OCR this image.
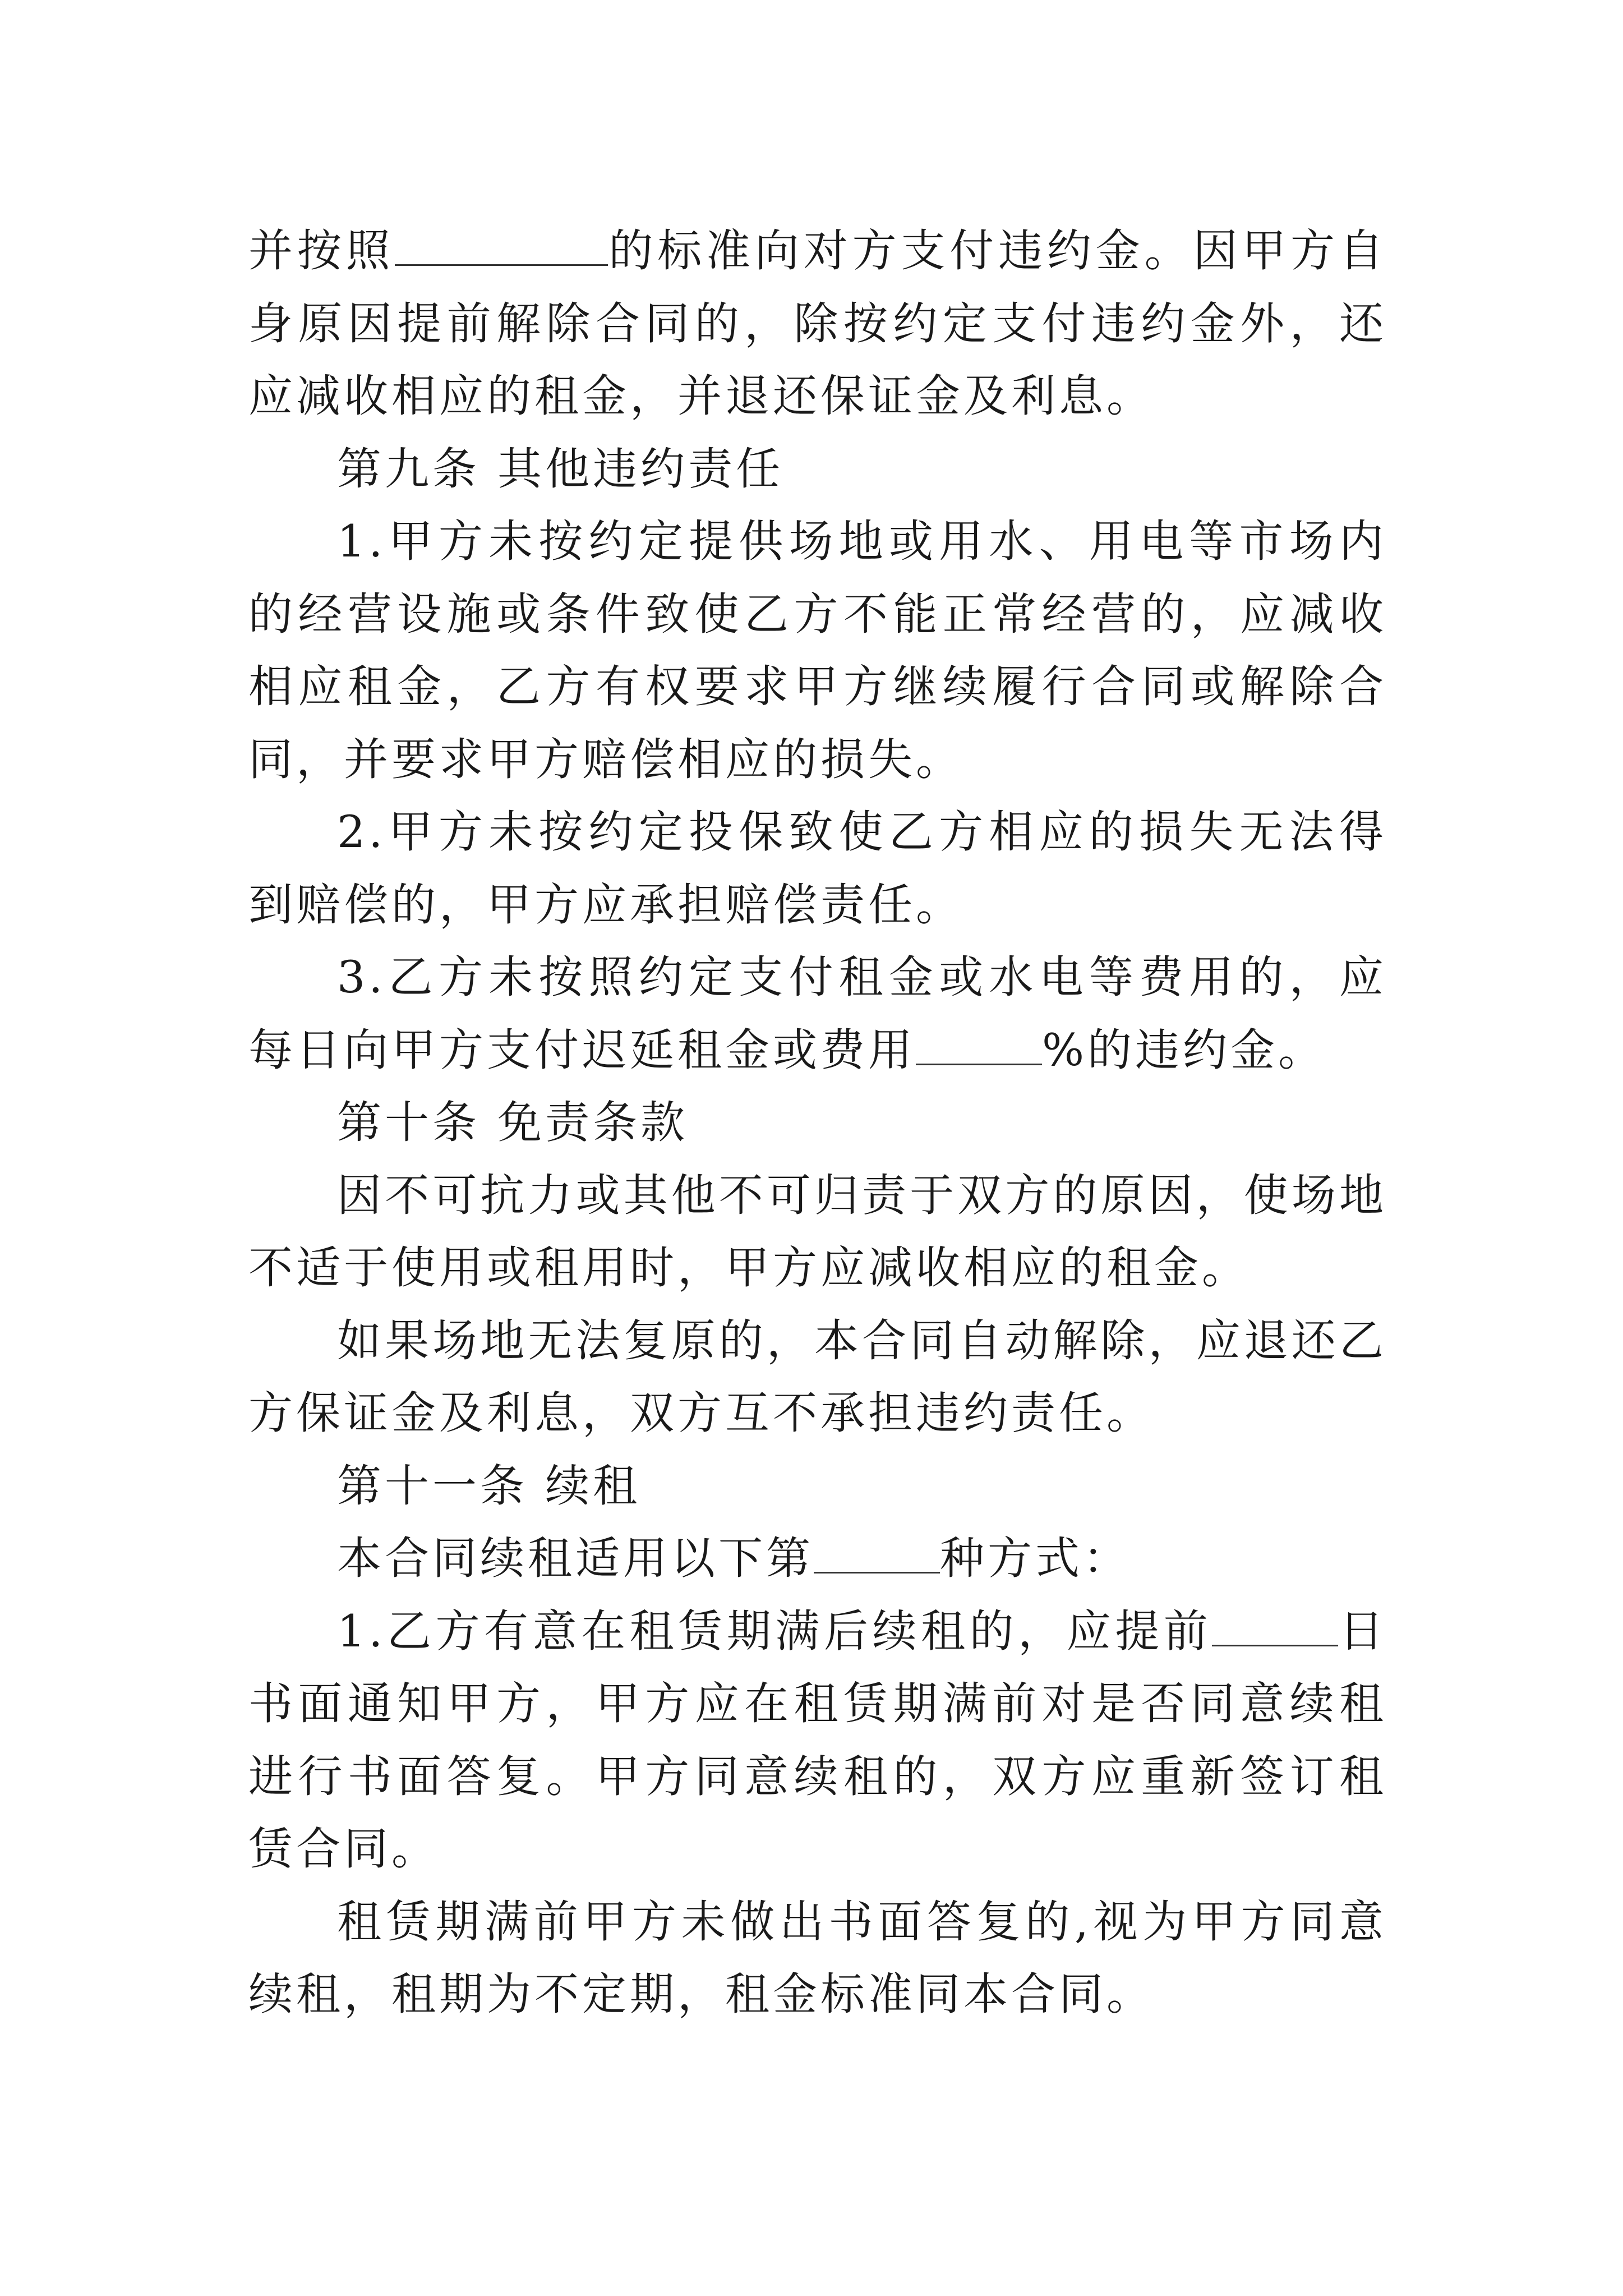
并按照	的标准向对方支付违约金。因甲方自身原因提前解除合同的，除按约定支付违约金外，还应减收相应的租金，并退还保证金及利息。

第九条 其他违约责任

1.甲方未按约定提供场地或用水、用电等市场内的经营设施或条件致使乙方不能正常经营的，应减收相应租金，乙方有权要求甲方继续履行合同或解除合同，并要求甲方赔偿相应的损失。

2.甲方未按约定投保致使乙方相应的损失无法得到赔偿的，甲方应承担赔偿责任。

3.乙方未按照约定支付租金或水电等费用的，应每日向甲方支付迟延租金或费用	%的违约金。

第十条 免责条款

因不可抗力或其他不可归责于双方的原因，使场地不适于使用或租用时，甲方应减收相应的租金。

如果场地无法复原的，本合同自动解除，应退还乙方保证金及利息，双方互不承担违约责任。

第十一条 续租

本合同续租适用以下第	种方式：

1.乙方有意在租赁期满后续租的，应提前	日书面通知甲方，甲方应在租赁期满前对是否同意续租进行书面答复。甲方同意续租的，双方应重新签订租赁合同。

租赁期满前甲方未做出书面答复的,视为甲方同意续租，租期为不定期，租金标准同本合同。
